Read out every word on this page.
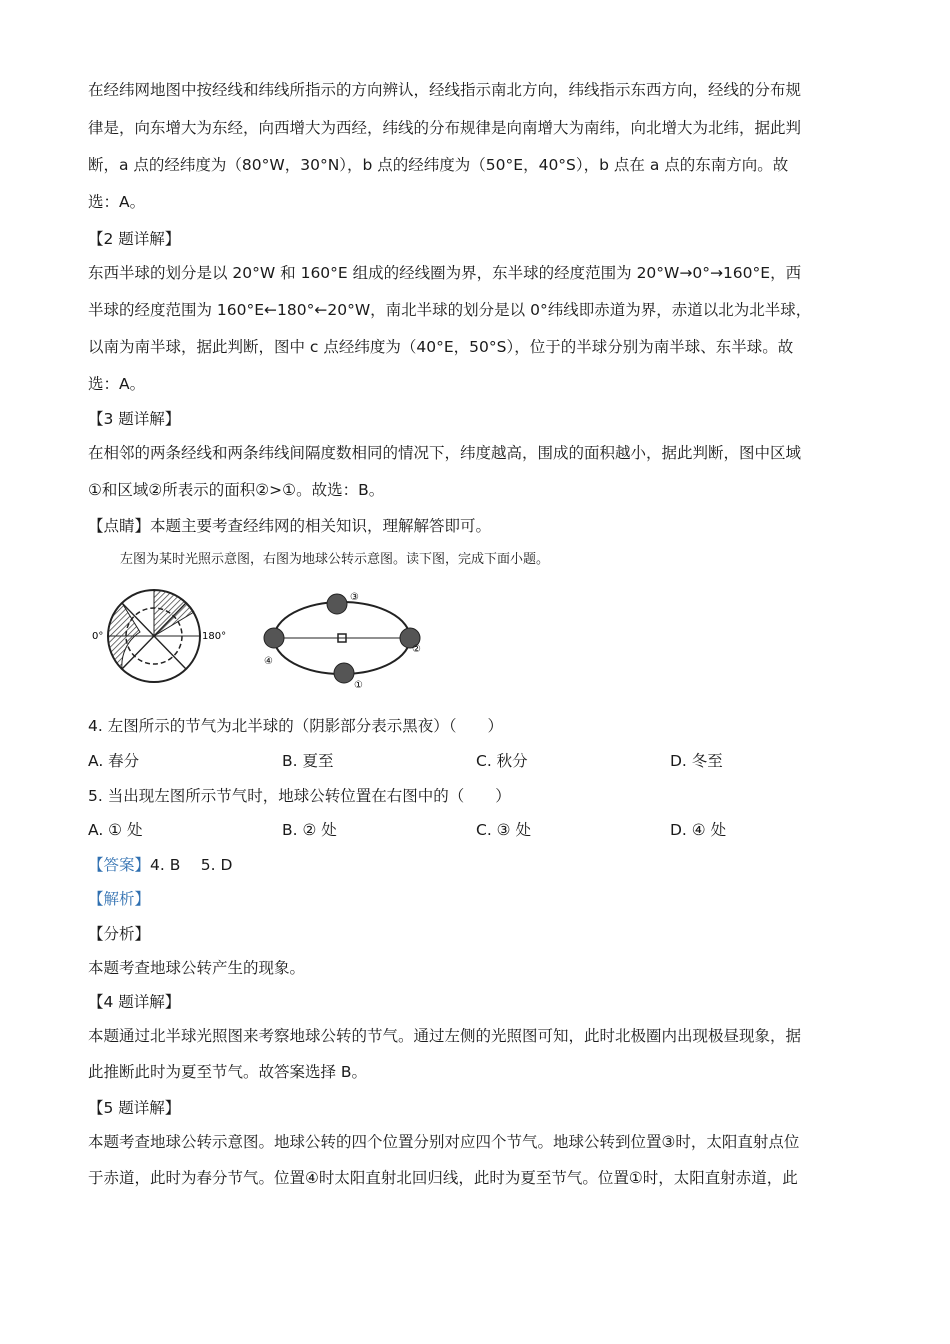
在经纬网地图中按经线和纬线所指示的方向辨认，经线指示南北方向，纬线指示东西方向，经线的分布规
律是，向东增大为东经，向西增大为西经，纬线的分布规律是向南增大为南纬，向北增大为北纬，据此判
断，a 点的经纬度为（80°W，30°N），b 点的经纬度为（50°E，40°S），b 点在 a 点的东南方向。故
选：A。
【2 题详解】
东西半球的划分是以 20°W 和 160°E 组成的经线圈为界，东半球的经度范围为 20°W→0°→160°E，西
半球的经度范围为 160°E←180°←20°W，南北半球的划分是以 0°纬线即赤道为界，赤道以北为北半球，
以南为南半球，据此判断，图中 c 点经纬度为（40°E，50°S），位于的半球分别为南半球、东半球。故
选：A。
【3 题详解】
在相邻的两条经线和两条纬线间隔度数相同的情况下，纬度越高，围成的面积越小，据此判断，图中区域
①和区域②所表示的面积②>①。故选：B。
【点睛】本题主要考查经纬网的相关知识，理解解答即可。
左图为某时光照示意图，右图为地球公转示意图。读下图，完成下面小题。
0°	180°
③
②
①
④
4. 左图所示的节气为北半球的（阴影部分表示黑夜）（　　）
A. 春分	B. 夏至	C. 秋分	D. 冬至
5. 当出现左图所示节气时，地球公转位置在右图中的（　　）
A. ① 处	B. ② 处	C. ③ 处	D. ④ 处
【答案】4. B　 5. D
【解析】
【分析】
本题考查地球公转产生的现象。
【4 题详解】
本题通过北半球光照图来考察地球公转的节气。通过左侧的光照图可知，此时北极圈内出现极昼现象，据
此推断此时为夏至节气。故答案选择 B。
【5 题详解】
本题考查地球公转示意图。地球公转的四个位置分别对应四个节气。地球公转到位置③时，太阳直射点位
于赤道，此时为春分节气。位置④时太阳直射北回归线，此时为夏至节气。位置①时，太阳直射赤道，此
